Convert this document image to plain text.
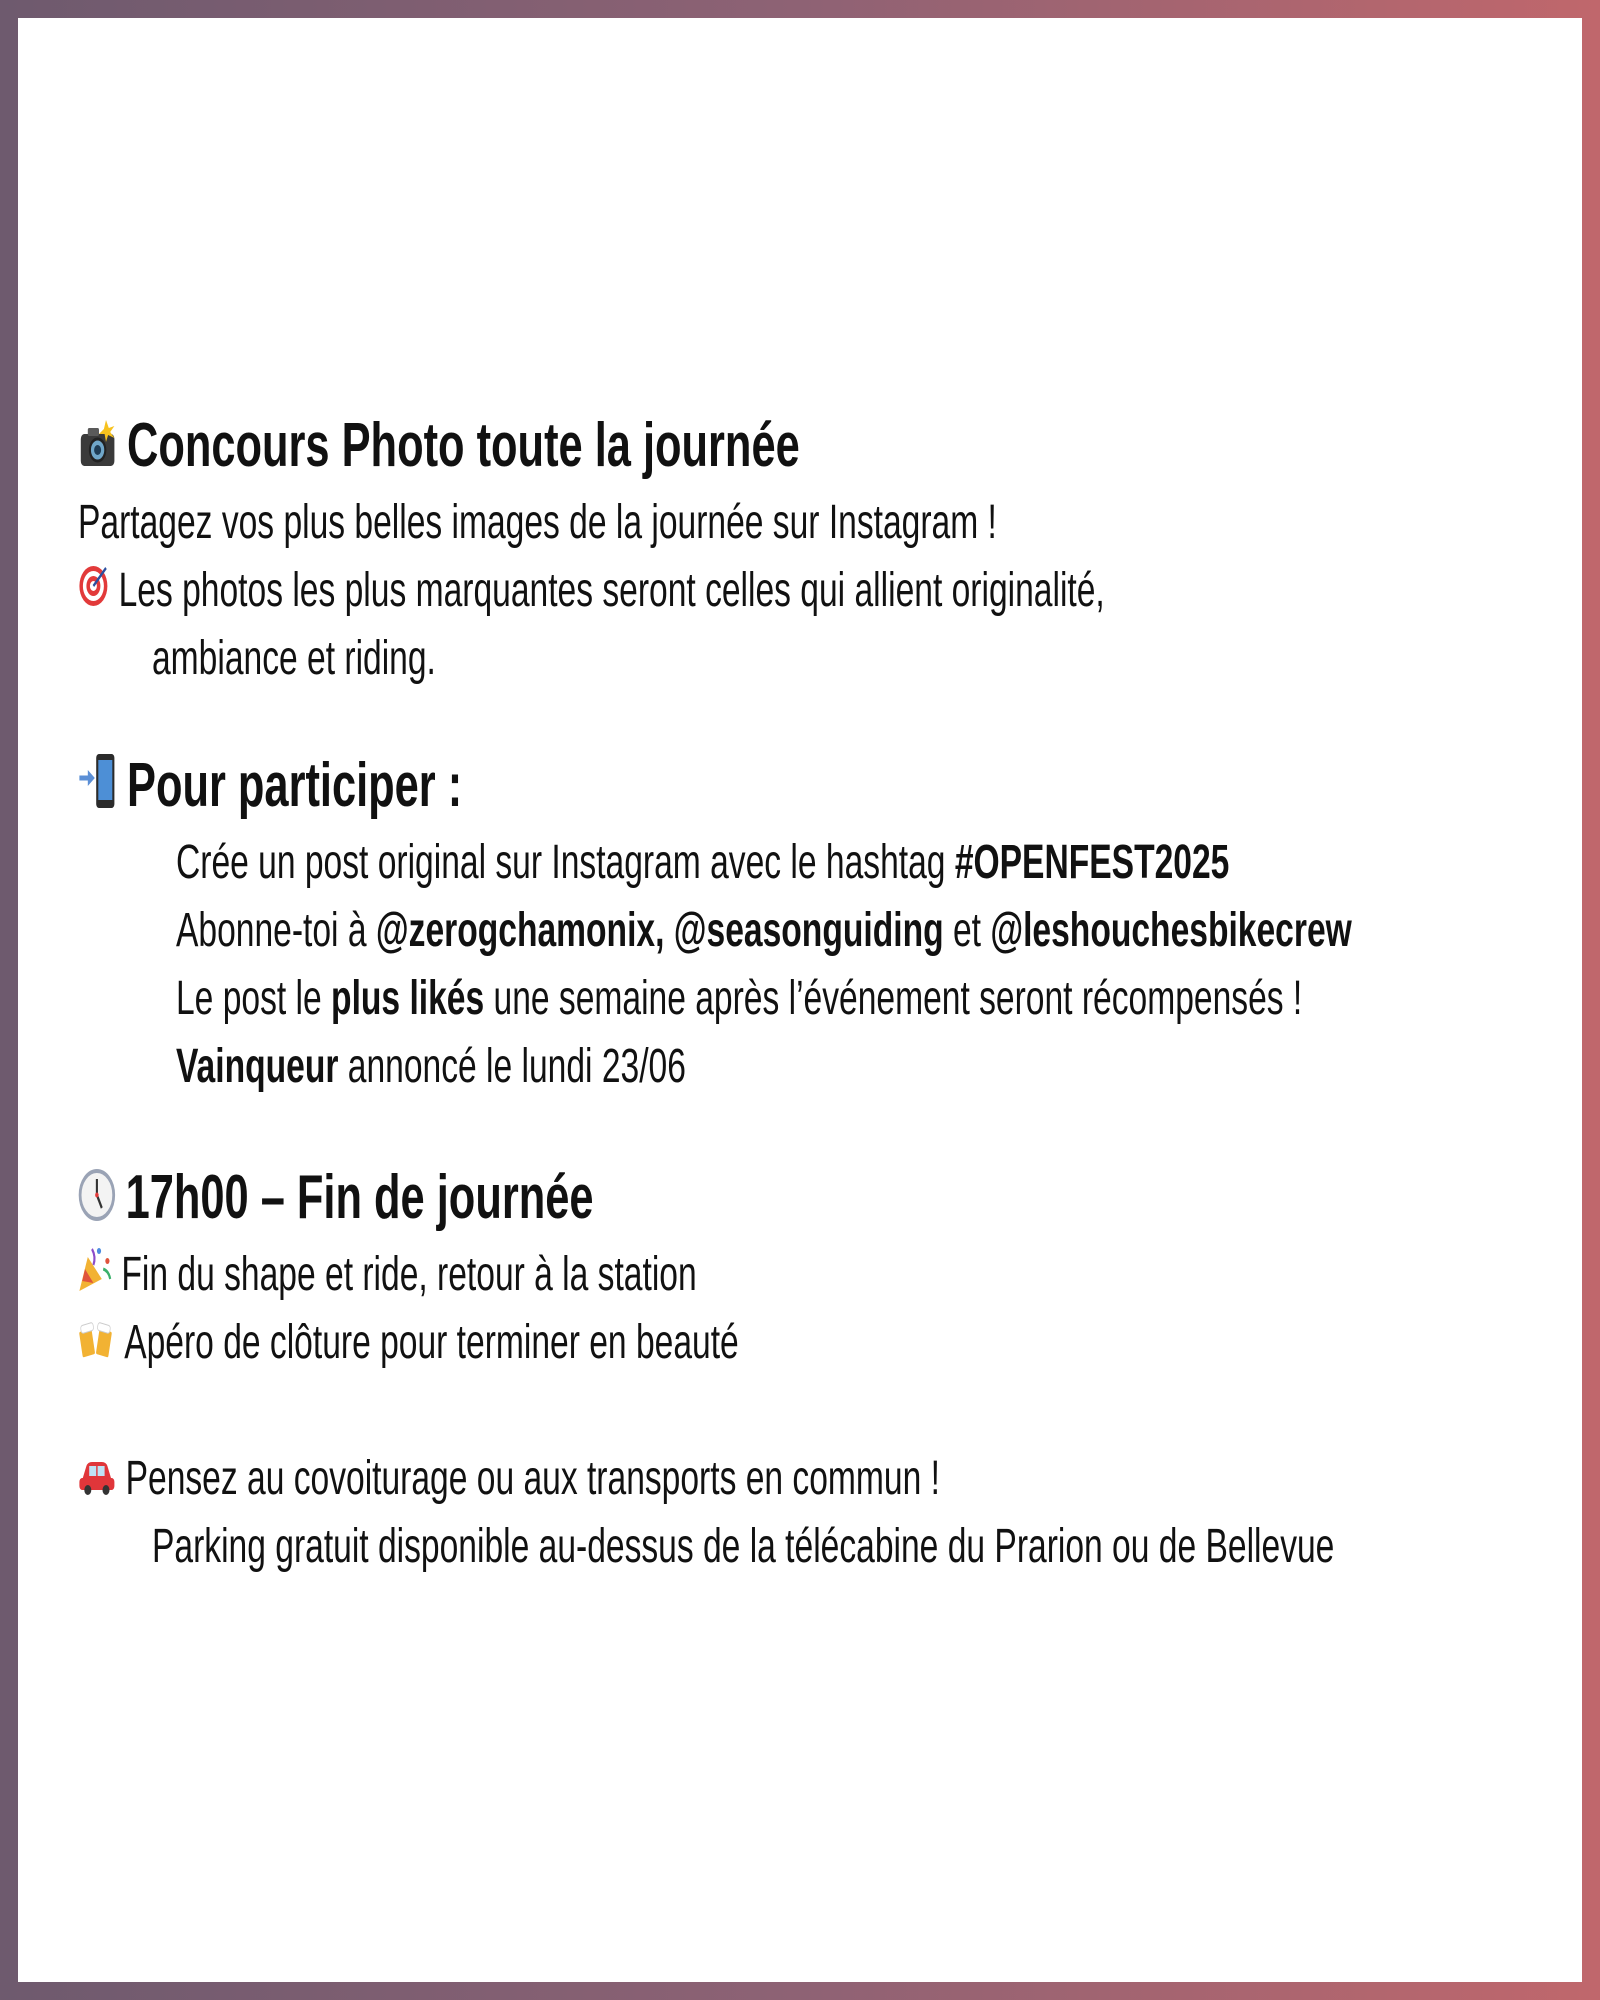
Concours Photo toute la journée
Partagez vos plus belles images de la journée sur Instagram !
Les photos les plus marquantes seront celles qui allient originalité,
ambiance et riding.
Pour participer :
Crée un post original sur Instagram avec le hashtag #OPENFEST2025
Abonne-toi à @zerogchamonix, @seasonguiding et @leshouchesbikecrew
Le post le plus likés une semaine après l’événement seront récompensés !
Vainqueur annoncé le lundi 23/06
17h00 – Fin de journée
Fin du shape et ride, retour à la station
Apéro de clôture pour terminer en beauté
Pensez au covoiturage ou aux transports en commun !
Parking gratuit disponible au-dessus de la télécabine du Prarion ou de Bellevue
